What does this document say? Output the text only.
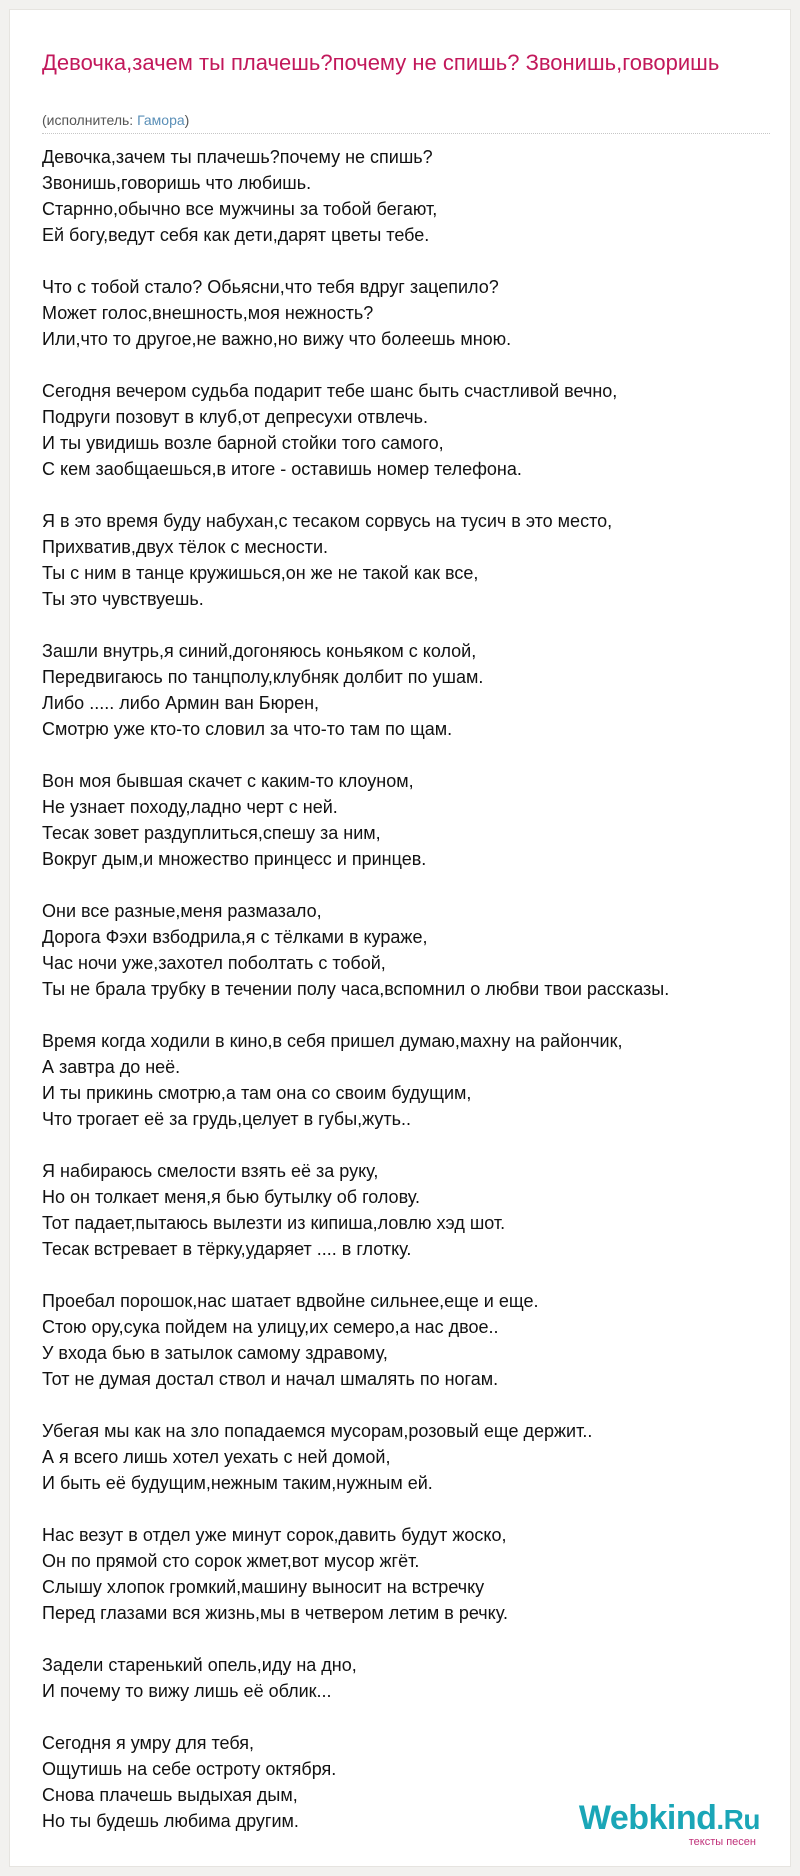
Девочка,зачем ты плачешь?почему не спишь? Звонишь,говоришь
(исполнитель: Гамора)
Девочка,зачем ты плачешь?почему не спишь?
Звонишь,говоришь что любишь.
Старнно,обычно все мужчины за тобой бегают,
Ей богу,ведут себя как дети,дарят цветы тебе.
Что с тобой стало? Обьясни,что тебя вдруг зацепило?
Может голос,внешность,моя нежность?
Или,что то другое,не важно,но вижу что болеешь мною.
Сегодня вечером судьба подарит тебе шанс быть счастливой вечно,
Подруги позовут в клуб,от депресухи отвлечь.
И ты увидишь возле барной стойки того самого,
С кем заобщаешься,в итоге - оставишь номер телефона.
Я в это время буду набухан,с тесаком сорвусь на тусич в это место,
Прихватив,двух тёлок с месности.
Ты с ним в танце кружишься,он же не такой как все,
Ты это чувствуешь.
Зашли внутрь,я синий,догоняюсь коньяком с колой,
Передвигаюсь по танцполу,клубняк долбит по ушам.
Либо ..... либо Армин ван Бюрен,
Смотрю уже кто-то словил за что-то там по щам.
Вон моя бывшая скачет с каким-то клоуном,
Не узнает походу,ладно черт с ней.
Тесак зовет раздуплиться,спешу за ним,
Вокруг дым,и множество принцесс и принцев.
Они все разные,меня размазало,
Дорога Фэхи взбодрила,я с тёлками в кураже,
Час ночи уже,захотел поболтать с тобой,
Ты не брала трубку в течении полу часа,вспомнил о любви твои рассказы.
Время когда ходили в кино,в себя пришел думаю,махну на райончик,
А завтра до неё.
И ты прикинь смотрю,а там она со своим будущим,
Что трогает её за грудь,целует в губы,жуть..
Я набираюсь смелости взять её за руку,
Но он толкает меня,я бью бутылку об голову.
Тот падает,пытаюсь вылезти из кипиша,ловлю хэд шот.
Тесак встревает в тёрку,ударяет .... в глотку.
Проебал порошок,нас шатает вдвойне сильнее,еще и еще.
Стою ору,сука пойдем на улицу,их семеро,а нас двое..
У входа бью в затылок самому здравому,
Тот не думая достал ствол и начал шмалять по ногам.
Убегая мы как на зло попадаемся мусорам,розовый еще держит..
А я всего лишь хотел уехать с ней домой,
И быть её будущим,нежным таким,нужным ей.
Нас везут в отдел уже минут сорок,давить будут жоско,
Он по прямой сто сорок жмет,вот мусор жгёт.
Слышу хлопок громкий,машину выносит на встречку
Перед глазами вся жизнь,мы в четвером летим в речку.
Задели старенький опель,иду на дно,
И почему то вижу лишь её облик...
Сегодня я умру для тебя,
Ощутишь на себе остроту октября.
Снова плачешь выдыхая дым,
Но ты будешь любима другим.	Webkind.Ru
тексты песен
